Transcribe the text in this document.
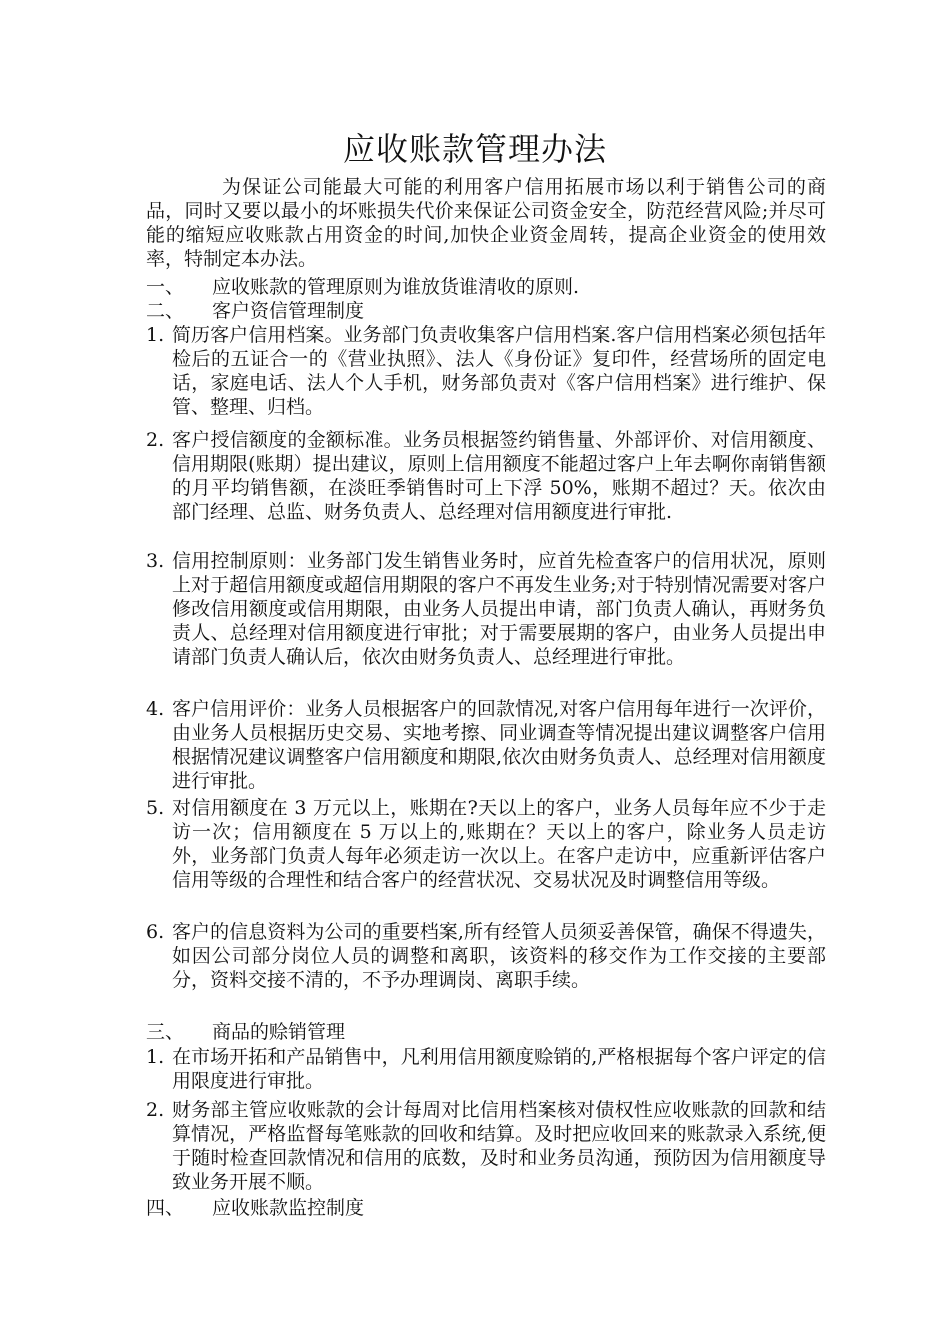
应收账款管理办法
为保证公司能最大可能的利用客户信用拓展市场以利于销售公司的商品，同时又要以最小的坏账损失代价来保证公司资金安全，防范经营风险;并尽可能的缩短应收账款占用资金的时间,加快企业资金周转，提高企业资金的使用效率，特制定本办法。
一、 应收账款的管理原则为谁放货谁清收的原则.
二、 客户资信管理制度
1. 简历客户信用档案。业务部门负责收集客户信用档案.客户信用档案必须包括年检后的五证合一的《营业执照》、法人《身份证》复印件，经营场所的固定电话，家庭电话、法人个人手机，财务部负责对《客户信用档案》进行维护、保管、整理、归档。
2. 客户授信额度的金额标准。业务员根据签约销售量、外部评价、对信用额度、信用期限(账期）提出建议，原则上信用额度不能超过客户上年去啊你南销售额的月平均销售额，在淡旺季销售时可上下浮 50%，账期不超过？天。依次由部门经理、总监、财务负责人、总经理对信用额度进行审批.
3. 信用控制原则：业务部门发生销售业务时，应首先检查客户的信用状况，原则上对于超信用额度或超信用期限的客户不再发生业务;对于特别情况需要对客户修改信用额度或信用期限，由业务人员提出申请，部门负责人确认，再财务负责人、总经理对信用额度进行审批；对于需要展期的客户，由业务人员提出申请部门负责人确认后，依次由财务负责人、总经理进行审批。
4. 客户信用评价：业务人员根据客户的回款情况,对客户信用每年进行一次评价，由业务人员根据历史交易、实地考擦、同业调查等情况提出建议调整客户信用根据情况建议调整客户信用额度和期限,依次由财务负责人、总经理对信用额度进行审批。
5. 对信用额度在 3 万元以上，账期在?天以上的客户，业务人员每年应不少于走访一次；信用额度在 5 万以上的,账期在？天以上的客户，除业务人员走访外，业务部门负责人每年必须走访一次以上。在客户走访中，应重新评估客户信用等级的合理性和结合客户的经营状况、交易状况及时调整信用等级。
6. 客户的信息资料为公司的重要档案,所有经管人员须妥善保管，确保不得遗失，如因公司部分岗位人员的调整和离职，该资料的移交作为工作交接的主要部分，资料交接不清的，不予办理调岗、离职手续。
三、 商品的赊销管理
1. 在市场开拓和产品销售中，凡利用信用额度赊销的,严格根据每个客户评定的信用限度进行审批。
2. 财务部主管应收账款的会计每周对比信用档案核对债权性应收账款的回款和结算情况，严格监督每笔账款的回收和结算。及时把应收回来的账款录入系统,便于随时检查回款情况和信用的底数，及时和业务员沟通，预防因为信用额度导致业务开展不顺。
四、 应收账款监控制度
